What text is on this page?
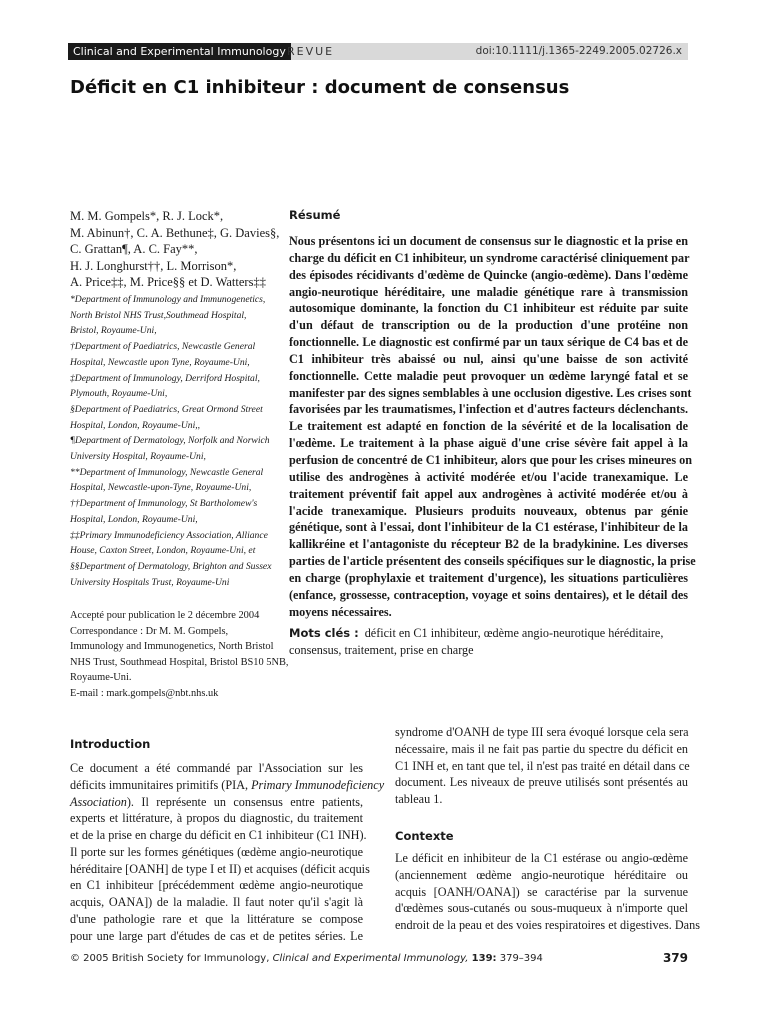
Clinical and Experimental Immunology REVUE	doi:10.1111/j.1365-2249.2005.02726.x
Déficit en C1 inhibiteur : document de consensus
M. M. Gompels*, R. J. Lock*,
M. Abinun†, C. A. Bethune‡, G. Davies§,
C. Grattan¶, A. C. Fay**,
H. J. Longhurst††, L. Morrison*,
A. Price‡‡, M. Price§§ et D. Watters‡‡
*Department of Immunology and Immunogenetics,
North Bristol NHS Trust,Southmead Hospital,
Bristol, Royaume-Uni,
†Department of Paediatrics, Newcastle General
Hospital, Newcastle upon Tyne, Royaume-Uni,
‡Department of Immunology, Derriford Hospital,
Plymouth, Royaume-Uni,
§Department of Paediatrics, Great Ormond Street
Hospital, London, Royaume-Uni,,
¶Department of Dermatology, Norfolk and Norwich
University Hospital, Royaume-Uni,
**Department of Immunology, Newcastle General
Hospital, Newcastle-upon-Tyne, Royaume-Uni,
††Department of Immunology, St Bartholomew's
Hospital, London, Royaume-Uni,
‡‡Primary Immunodeficiency Association, Alliance
House, Caxton Street, London, Royaume-Uni, et
§§Department of Dermatology, Brighton and Sussex
University Hospitals Trust, Royaume-Uni
Accepté pour publication le 2 décembre 2004
Correspondance : Dr M. M. Gompels,
Immunology and Immunogenetics, North Bristol
NHS Trust, Southmead Hospital, Bristol BS10 5NB,
Royaume-Uni.
E-mail : mark.gompels@nbt.nhs.uk
Résumé
Nous présentons ici un document de consensus sur le diagnostic et la prise en
charge du déficit en C1 inhibiteur, un syndrome caractérisé cliniquement par
des épisodes récidivants d'œdème de Quincke (angio-œdème). Dans l'œdème
angio-neurotique héréditaire, une maladie génétique rare à transmission
autosomique dominante, la fonction du C1 inhibiteur est réduite par suite
d'un défaut de transcription ou de la production d'une protéine non
fonctionnelle. Le diagnostic est confirmé par un taux sérique de C4 bas et de
C1 inhibiteur très abaissé ou nul, ainsi qu'une baisse de son activité
fonctionnelle. Cette maladie peut provoquer un œdème laryngé fatal et se
manifester par des signes semblables à une occlusion digestive. Les crises sont
favorisées par les traumatismes, l'infection et d'autres facteurs déclenchants.
Le traitement est adapté en fonction de la sévérité et de la localisation de
l'œdème. Le traitement à la phase aiguë d'une crise sévère fait appel à la
perfusion de concentré de C1 inhibiteur, alors que pour les crises mineures on
utilise des androgènes à activité modérée et/ou l'acide tranexamique. Le
traitement préventif fait appel aux androgènes à activité modérée et/ou à
l'acide tranexamique. Plusieurs produits nouveaux, obtenus par génie
génétique, sont à l'essai, dont l'inhibiteur de la C1 estérase, l'inhibiteur de la
kallikréine et l'antagoniste du récepteur B2 de la bradykinine. Les diverses
parties de l'article présentent des conseils spécifiques sur le diagnostic, la prise
en charge (prophylaxie et traitement d'urgence), les situations particulières
(enfance, grossesse, contraception, voyage et soins dentaires), et le détail des
moyens nécessaires.
Mots clés : déficit en C1 inhibiteur, œdème angio-neurotique héréditaire,
consensus, traitement, prise en charge
Introduction
Ce document a été commandé par l'Association sur les
déficits immunitaires primitifs (PIA, Primary Immunodeficiency
Association). Il représente un consensus entre patients,
experts et littérature, à propos du diagnostic, du traitement
et de la prise en charge du déficit en C1 inhibiteur (C1 INH).
Il porte sur les formes génétiques (œdème angio-neurotique
héréditaire [OANH] de type I et II) et acquises (déficit acquis
en C1 inhibiteur [précédemment œdème angio-neurotique
acquis, OANA]) de la maladie. Il faut noter qu'il s'agit là
d'une pathologie rare et que la littérature se compose
pour une large part d'études de cas et de petites séries. Le
syndrome d'OANH de type III sera évoqué lorsque cela sera
nécessaire, mais il ne fait pas partie du spectre du déficit en
C1 INH et, en tant que tel, il n'est pas traité en détail dans ce
document. Les niveaux de preuve utilisés sont présentés au
tableau 1.
Contexte
Le déficit en inhibiteur de la C1 estérase ou angio-œdème
(anciennement œdème angio-neurotique héréditaire ou
acquis [OANH/OANA]) se caractérise par la survenue
d'œdèmes sous-cutanés ou sous-muqueux à n'importe quel
endroit de la peau et des voies respiratoires et digestives. Dans
© 2005 British Society for Immunology, Clinical and Experimental Immunology, 139: 379–394	379
